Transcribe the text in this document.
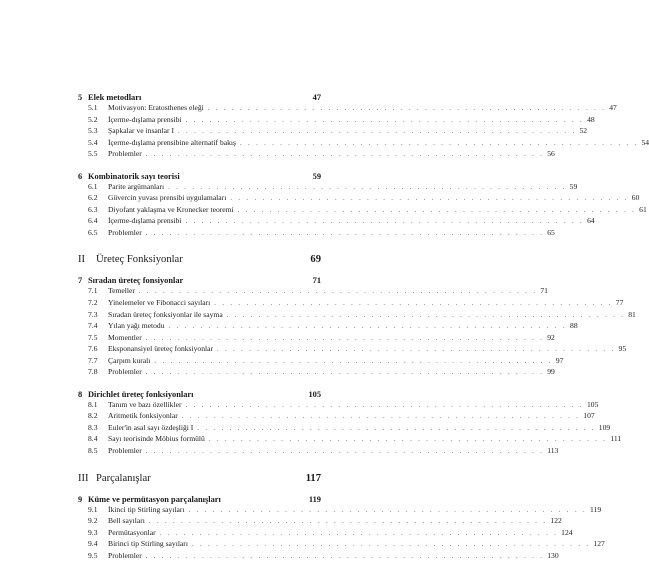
5 Elek metodları	47
5.1	Motivasyon: Eratosthenes eleği . . . . . . . . . . . . . . . . . . . . . . . . . . . . . . . . . . . . . . . . . . . . . . . . . . 47
5.2	İçerme-dışlama prensibi . . . . . . . . . . . . . . . . . . . . . . . . . . . . . . . . . . . . . . . . . . . . . . . . . . 48
5.3	Şapkalar ve insanlar I . . . . . . . . . . . . . . . . . . . . . . . . . . . . . . . . . . . . . . . . . . . . . . . . . . 52
5.4	İçerme-dışlama prensibine alternatif bakış . . . . . . . . . . . . . . . . . . . . . . . . . . . . . . . . . . . . . . . . . . . . . . . . . . 54
5.5	Problemler . . . . . . . . . . . . . . . . . . . . . . . . . . . . . . . . . . . . . . . . . . . . . . . . . . 56
6 Kombinatorik sayı teorisi	59
6.1	Parite argümanları . . . . . . . . . . . . . . . . . . . . . . . . . . . . . . . . . . . . . . . . . . . . . . . . . . 59
6.2	Güvercin yuvası prensibi uygulamaları . . . . . . . . . . . . . . . . . . . . . . . . . . . . . . . . . . . . . . . . . . . . . . . . . . 60
6.3	Diyofant yaklaşma ve Kronecker teoremi . . . . . . . . . . . . . . . . . . . . . . . . . . . . . . . . . . . . . . . . . . . . . . . . . . 61
6.4	İçerme-dışlama prensibi . . . . . . . . . . . . . . . . . . . . . . . . . . . . . . . . . . . . . . . . . . . . . . . . . . 64
6.5	Problemler . . . . . . . . . . . . . . . . . . . . . . . . . . . . . . . . . . . . . . . . . . . . . . . . . . 65
II	Üreteç Fonksiyonlar	69
7 Sıradan üreteç fonsiyonlar	71
7.1	Temeller . . . . . . . . . . . . . . . . . . . . . . . . . . . . . . . . . . . . . . . . . . . . . . . . . . 71
7.2	Yinelemeler ve Fibonacci sayıları . . . . . . . . . . . . . . . . . . . . . . . . . . . . . . . . . . . . . . . . . . . . . . . . . . 77
7.3	Sıradan üreteç fonksiyonlar ile sayma . . . . . . . . . . . . . . . . . . . . . . . . . . . . . . . . . . . . . . . . . . . . . . . . . . 81
7.4	Yılan yağı metodu . . . . . . . . . . . . . . . . . . . . . . . . . . . . . . . . . . . . . . . . . . . . . . . . . . 88
7.5	Momentler . . . . . . . . . . . . . . . . . . . . . . . . . . . . . . . . . . . . . . . . . . . . . . . . . . 92
7.6	Eksponansiyel üreteç fonksiyonlar . . . . . . . . . . . . . . . . . . . . . . . . . . . . . . . . . . . . . . . . . . . . . . . . . . 95
7.7	Çarpım kuralı . . . . . . . . . . . . . . . . . . . . . . . . . . . . . . . . . . . . . . . . . . . . . . . . . . 97
7.8	Problemler . . . . . . . . . . . . . . . . . . . . . . . . . . . . . . . . . . . . . . . . . . . . . . . . . . 99
8 Dirichlet üreteç fonksiyonları	105
8.1	Tanım ve bazı özellikler . . . . . . . . . . . . . . . . . . . . . . . . . . . . . . . . . . . . . . . . . . . . . . . . . . 105
8.2	Aritmetik fonksiyonlar . . . . . . . . . . . . . . . . . . . . . . . . . . . . . . . . . . . . . . . . . . . . . . . . . . 107
8.3	Euler'in asal sayı özdeşliği I . . . . . . . . . . . . . . . . . . . . . . . . . . . . . . . . . . . . . . . . . . . . . . . . . . 109
8.4	Sayı teorisinde Möbius formülü . . . . . . . . . . . . . . . . . . . . . . . . . . . . . . . . . . . . . . . . . . . . . . . . . . 111
8.5	Problemler . . . . . . . . . . . . . . . . . . . . . . . . . . . . . . . . . . . . . . . . . . . . . . . . . . 113
III Parçalanışlar	117
9 Küme ve permütasyon parçalanışları	119
9.1	İkinci tip Stirling sayıları . . . . . . . . . . . . . . . . . . . . . . . . . . . . . . . . . . . . . . . . . . . . . . . . . . 119
9.2	Bell sayıları . . . . . . . . . . . . . . . . . . . . . . . . . . . . . . . . . . . . . . . . . . . . . . . . . . 122
9.3	Permütasyonlar . . . . . . . . . . . . . . . . . . . . . . . . . . . . . . . . . . . . . . . . . . . . . . . . . . 124
9.4	Birinci tip Stirling sayıları . . . . . . . . . . . . . . . . . . . . . . . . . . . . . . . . . . . . . . . . . . . . . . . . . . 127
9.5	Problemler . . . . . . . . . . . . . . . . . . . . . . . . . . . . . . . . . . . . . . . . . . . . . . . . . . 130
